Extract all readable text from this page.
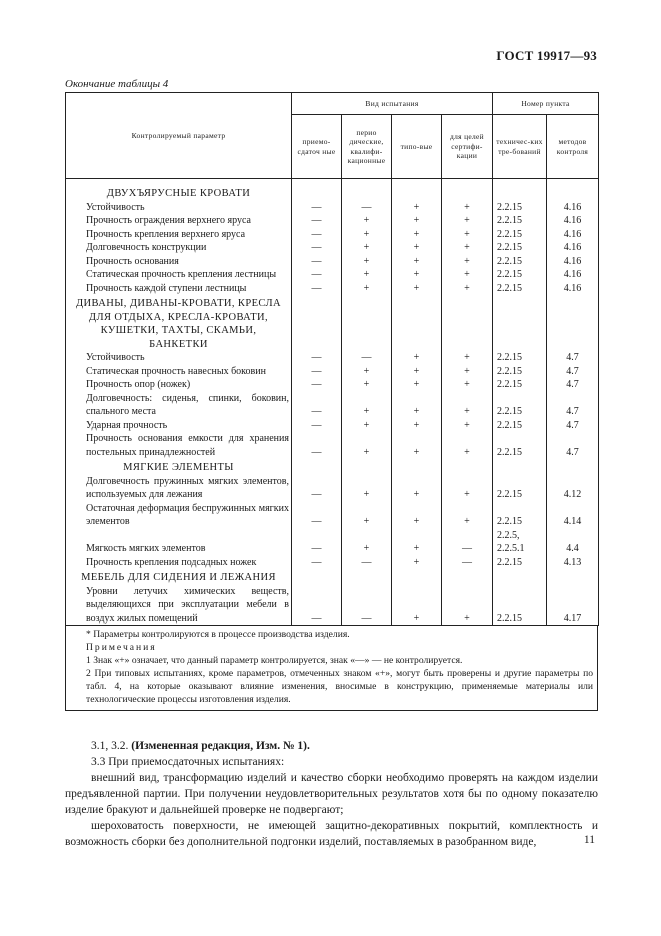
ГОСТ 19917—93
Окончание таблицы 4
Контролируемый параметр	Вид испытания				Номер пункта	
	приемо-сдаточ ные	перио дические, квалифи-кационные	типо-вые	для целей сертифи-кации	техничес-ких тре-бований	методов контроля

ДВУХЪЯРУСНЫЕ КРОВАТИ						
Устойчивость	—	—	+	+	2.2.15	4.16
Прочность ограждения верхнего яруса	—	+	+	+	2.2.15	4.16
Прочность крепления верхнего яруса	—	+	+	+	2.2.15	4.16
Долговечность конструкции	—	+	+	+	2.2.15	4.16
Прочность основания	—	+	+	+	2.2.15	4.16
Статическая прочность крепления лестницы	—	+	+	+	2.2.15	4.16
Прочность каждой ступени лестницы	—	+	+	+	2.2.15	4.16
ДИВАНЫ, ДИВАНЫ-КРОВАТИ, КРЕСЛА ДЛЯ ОТДЫХА, КРЕСЛА-КРОВАТИ, КУШЕТКИ, ТАХТЫ, СКАМЬИ, БАНКЕТКИ						
Устойчивость	—	—	+	+	2.2.15	4.7
Статическая прочность навесных боковин	—	+	+	+	2.2.15	4.7
Прочность опор (ножек)	—	+	+	+	2.2.15	4.7
Долговечность: сиденья, спинки, боковин, спального места	—	+	+	+	2.2.15	4.7
Ударная прочность	—	+	+	+	2.2.15	4.7
Прочность основания емкости для хранения постельных принадлежностей	—	+	+	+	2.2.15	4.7
МЯГКИЕ ЭЛЕМЕНТЫ						
Долговечность пружинных мягких элементов, используемых для лежания	—	+	+	+	2.2.15	4.12
Остаточная деформация беспружинных мягких элементов	—	+	+	+	2.2.15	4.14
Мягкость мягких элементов	—	+	+	—	2.2.5, 2.2.5.1	4.4
Прочность крепления подсадных ножек	—	—	+	—	2.2.15	4.13
МЕБЕЛЬ ДЛЯ СИДЕНИЯ И ЛЕЖАНИЯ						
Уровни летучих химических веществ, выделяющихся при эксплуатации мебели в воздух жилых помещений	—	—	+	+	2.2.15	4.17
* Параметры контролируются в процессе производства изделия.
Примечания
1 Знак «+» означает, что данный параметр контролируется, знак «—» — не контролируется.
2 При типовых испытаниях, кроме параметров, отмеченных знаком «+», могут быть проверены и другие параметры по табл. 4, на которые оказывают влияние изменения, вносимые в конструкцию, применяемые материалы или технологические процессы изготовления изделия.

3.1, 3.2. (Измененная редакция, Изм. № 1).

3.3 При приемосдаточных испытаниях:

внешний вид, трансформацию изделий и качество сборки необходимо проверять на каждом изделии предъявленной партии. При получении неудовлетворительных результатов хотя бы по одному показателю изделие бракуют и дальнейшей проверке не подвергают;

шероховатость поверхности, не имеющей защитно-декоративных покрытий, комплектность и возможность сборки без дополнительной подгонки изделий, поставляемых в разобранном виде,	11
